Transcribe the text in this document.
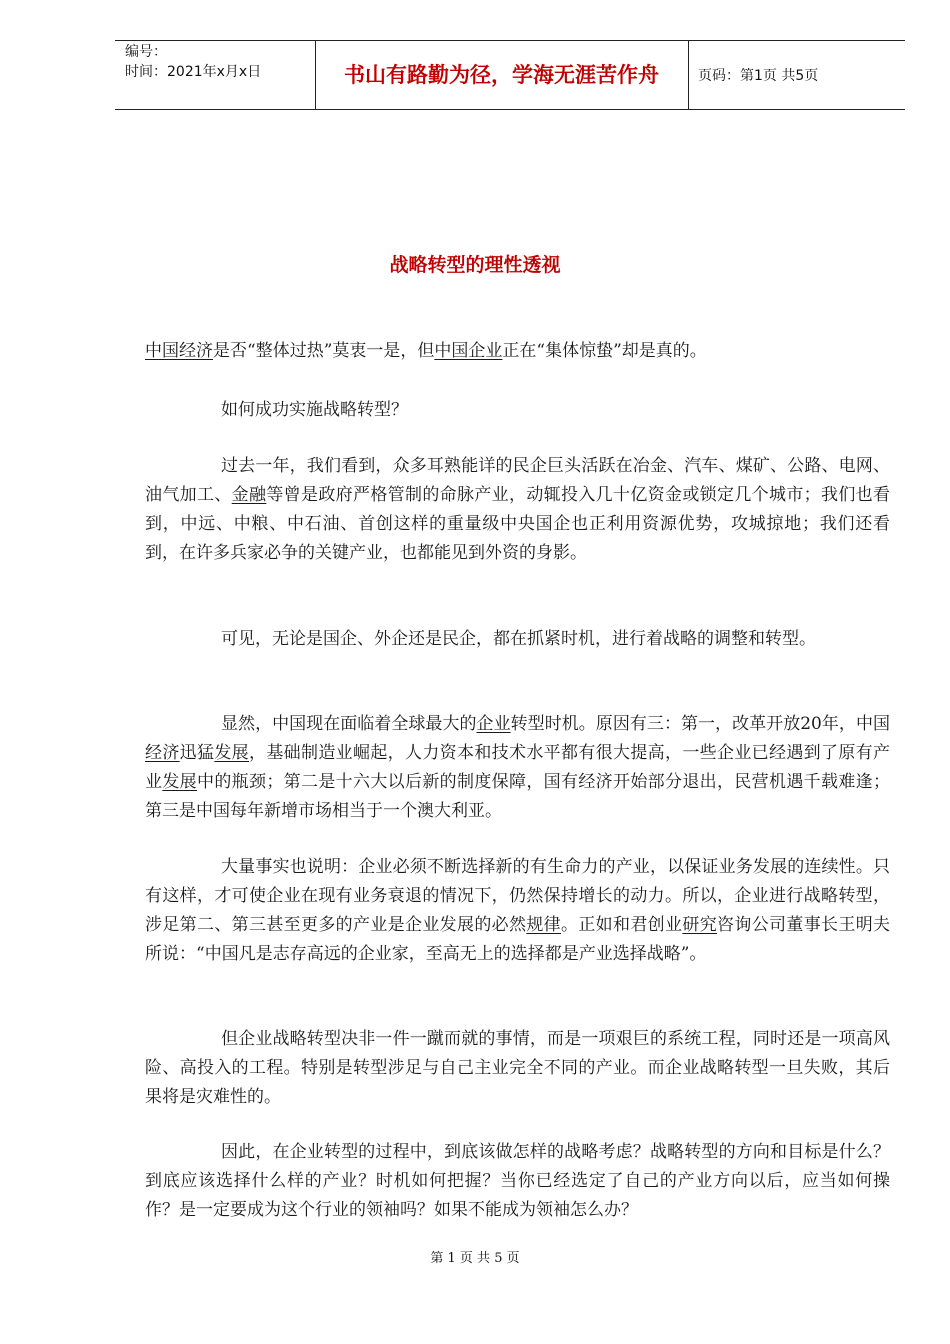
编号：
时间：2021年x月x日	书山有路勤为径，学海无涯苦作舟	页码：第1页 共5页
战略转型的理性透视

中国经济是否“整体过热”莫衷一是，但中国企业正在“集体惊蛰”却是真的。

如何成功实施战略转型？

过去一年，我们看到，众多耳熟能详的民企巨头活跃在冶金、汽车、煤矿、公路、电网、油气加工、金融等曾是政府严格管制的命脉产业，动辄投入几十亿资金或锁定几个城市；我们也看到，中远、中粮、中石油、首创这样的重量级中央国企也正利用资源优势，攻城掠地；我们还看到，在许多兵家必争的关键产业，也都能见到外资的身影。

可见，无论是国企、外企还是民企，都在抓紧时机，进行着战略的调整和转型。

显然，中国现在面临着全球最大的企业转型时机。原因有三：第一，改革开放20年，中国经济迅猛发展，基础制造业崛起，人力资本和技术水平都有很大提高，一些企业已经遇到了原有产业发展中的瓶颈；第二是十六大以后新的制度保障，国有经济开始部分退出，民营机遇千载难逢；第三是中国每年新增市场相当于一个澳大利亚。

大量事实也说明：企业必须不断选择新的有生命力的产业，以保证业务发展的连续性。只有这样，才可使企业在现有业务衰退的情况下，仍然保持增长的动力。所以，企业进行战略转型，涉足第二、第三甚至更多的产业是企业发展的必然规律。正如和君创业研究咨询公司董事长王明夫所说：“中国凡是志存高远的企业家，至高无上的选择都是产业选择战略”。

但企业战略转型决非一件一蹴而就的事情，而是一项艰巨的系统工程，同时还是一项高风险、高投入的工程。特别是转型涉足与自己主业完全不同的产业。而企业战略转型一旦失败，其后果将是灾难性的。

因此，在企业转型的过程中，到底该做怎样的战略考虑？战略转型的方向和目标是什么？到底应该选择什么样的产业？时机如何把握？当你已经选定了自己的产业方向以后，应当如何操作？是一定要成为这个行业的领袖吗？如果不能成为领袖怎么办？

第 1 页 共 5 页
